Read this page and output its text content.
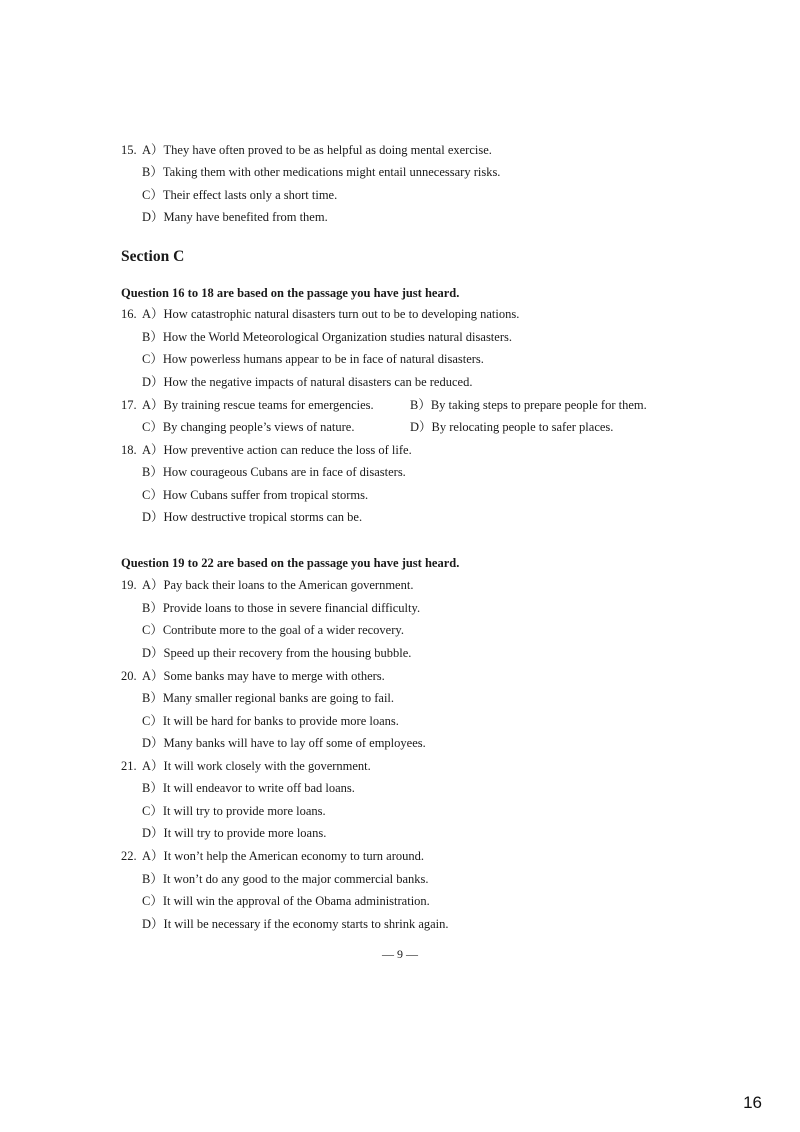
15. A）They have often proved to be as helpful as doing mental exercise.
B）Taking them with other medications might entail unnecessary risks.
C）Their effect lasts only a short time.
D）Many have benefited from them.
Section C
Question 16 to 18 are based on the passage you have just heard.
16. A）How catastrophic natural disasters turn out to be to developing nations.
B）How the World Meteorological Organization studies natural disasters.
C）How powerless humans appear to be in face of natural disasters.
D）How the negative impacts of natural disasters can be reduced.
17. A）By training rescue teams for emergencies.	B）By taking steps to prepare people for them.
C）By changing people’s views of nature.	D）By relocating people to safer places.
18. A）How preventive action can reduce the loss of life.
B）How courageous Cubans are in face of disasters.
C）How Cubans suffer from tropical storms.
D）How destructive tropical storms can be.
Question 19 to 22 are based on the passage you have just heard.
19. A）Pay back their loans to the American government.
B）Provide loans to those in severe financial difficulty.
C）Contribute more to the goal of a wider recovery.
D）Speed up their recovery from the housing bubble.
20. A）Some banks may have to merge with others.
B）Many smaller regional banks are going to fail.
C）It will be hard for banks to provide more loans.
D）Many banks will have to lay off some of employees.
21. A）It will work closely with the government.
B）It will endeavor to write off bad loans.
C）It will try to provide more loans.
D）It will try to provide more loans.
22. A）It won’t help the American economy to turn around.
B）It won’t do any good to the major commercial banks.
C）It will win the approval of the Obama administration.
D）It will be necessary if the economy starts to shrink again.
— 9 —
16
